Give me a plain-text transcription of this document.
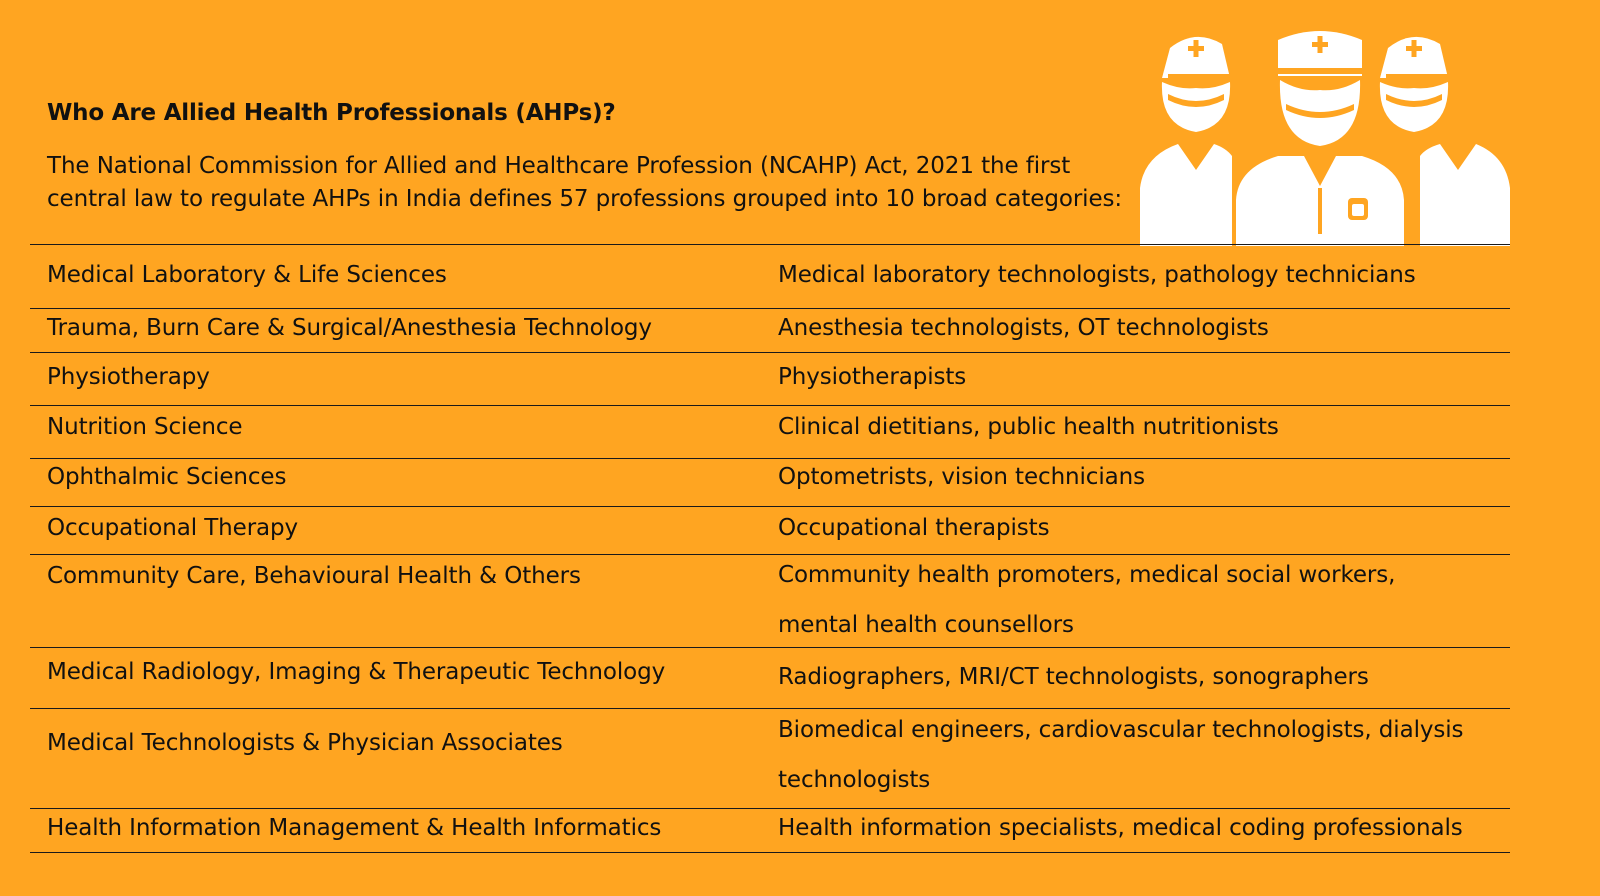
Who Are Allied Health Professionals (AHPs)?

The National Commission for Allied and Healthcare Profession (NCAHP) Act, 2021 the first central law to regulate AHPs in India defines 57 professions grouped into 10 broad categories:

Medical Laboratory & Life Sciences	Medical laboratory technologists, pathology technicians
Trauma, Burn Care & Surgical/Anesthesia Technology	Anesthesia technologists, OT technologists
Physiotherapy	Physiotherapists
Nutrition Science	Clinical dietitians, public health nutritionists
Ophthalmic Sciences	Optometrists, vision technicians
Occupational Therapy	Occupational therapists
Community Care, Behavioural Health & Others	Community health promoters, medical social workers, mental health counsellors
Medical Radiology, Imaging & Therapeutic Technology	Radiographers, MRI/CT technologists, sonographers
Medical Technologists & Physician Associates	Biomedical engineers, cardiovascular technologists, dialysis technologists
Health Information Management & Health Informatics	Health information specialists, medical coding professionals
